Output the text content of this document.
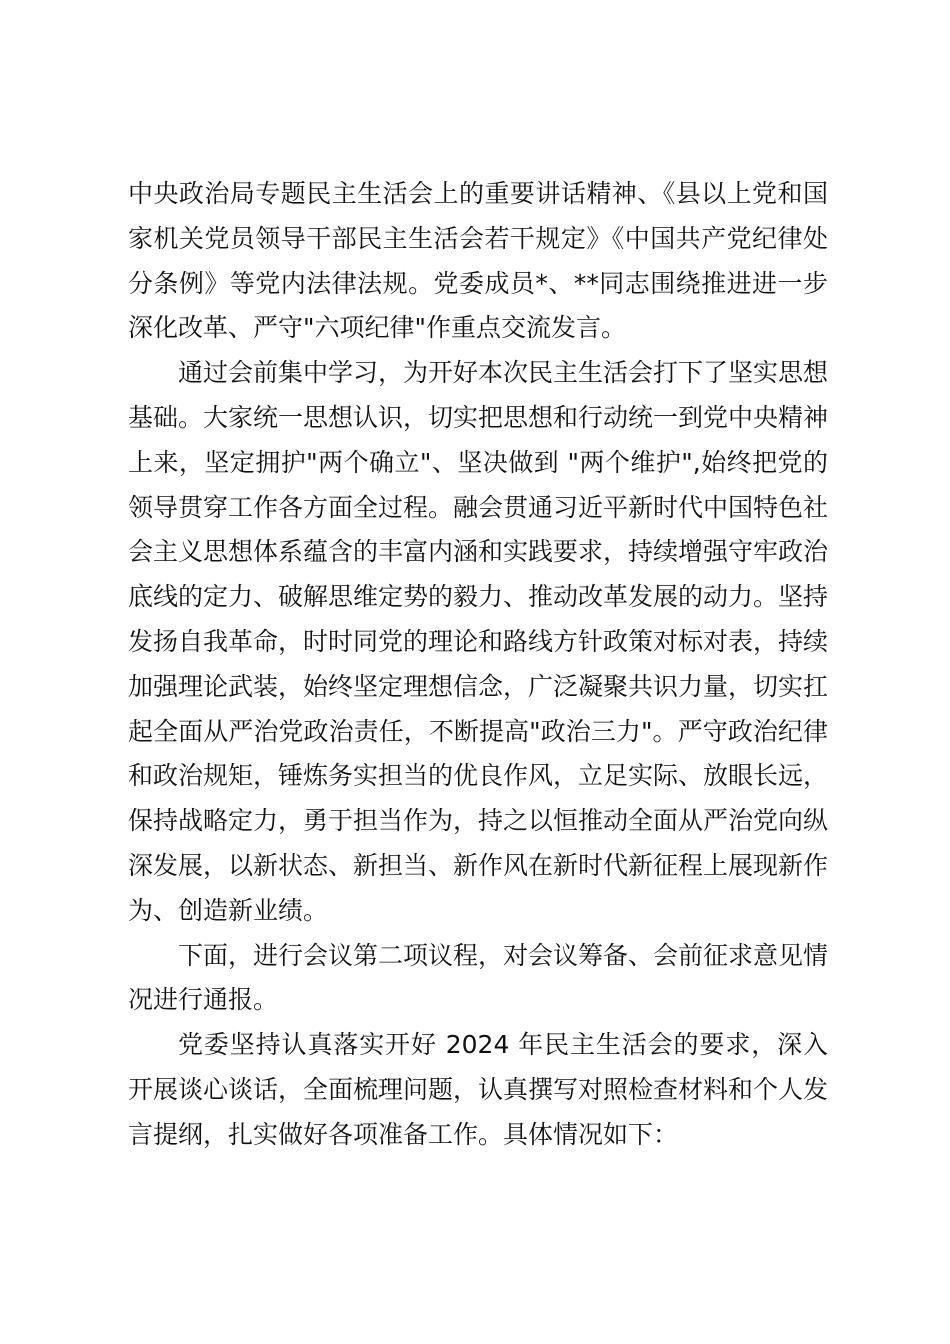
中央政治局专题民主生活会上的重要讲话精神、《县以上党和国家机关党员领导干部民主生活会若干规定》《中国共产党纪律处分条例》等党内法律法规。党委成员*、**同志围绕推进进一步深化改革、严守"六项纪律"作重点交流发言。

通过会前集中学习，为开好本次民主生活会打下了坚实思想基础。大家统一思想认识，切实把思想和行动统一到党中央精神上来，坚定拥护"两个确立"、坚决做到 "两个维护",始终把党的领导贯穿工作各方面全过程。融会贯通习近平新时代中国特色社会主义思想体系蕴含的丰富内涵和实践要求，持续增强守牢政治底线的定力、破解思维定势的毅力、推动改革发展的动力。坚持发扬自我革命，时时同党的理论和路线方针政策对标对表，持续加强理论武装，始终坚定理想信念，广泛凝聚共识力量，切实扛起全面从严治党政治责任，不断提高"政治三力"。严守政治纪律和政治规矩，锤炼务实担当的优良作风，立足实际、放眼长远，保持战略定力，勇于担当作为，持之以恒推动全面从严治党向纵深发展，以新状态、新担当、新作风在新时代新征程上展现新作为、创造新业绩。

下面，进行会议第二项议程，对会议筹备、会前征求意见情况进行通报。

党委坚持认真落实开好 2024 年民主生活会的要求，深入开展谈心谈话，全面梳理问题，认真撰写对照检查材料和个人发言提纲，扎实做好各项准备工作。具体情况如下：
